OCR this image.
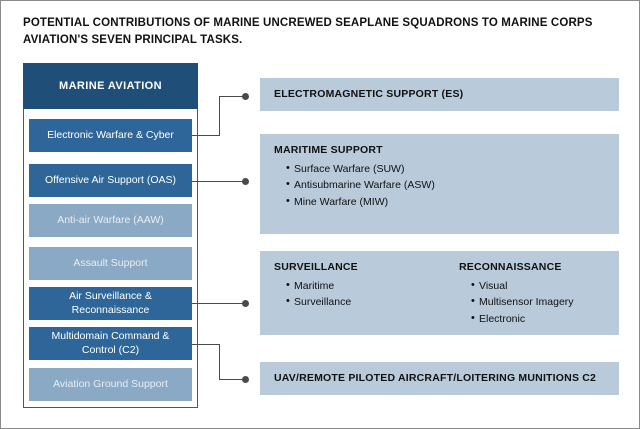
POTENTIAL CONTRIBUTIONS OF MARINE UNCREWED SEAPLANE SQUADRONS TO MARINE CORPS AVIATION'S SEVEN PRINCIPAL TASKS.
MARINE AVIATION
Electronic Warfare & Cyber
Offensive Air Support (OAS)
Anti-air Warfare (AAW)
Assault Support
Air Surveillance & Reconnaissance
Multidomain Command & Control (C2)
Aviation Ground Support
ELECTROMAGNETIC SUPPORT (ES)
MARITIME SUPPORT
• Surface Warfare (SUW)
• Antisubmarine Warfare (ASW)
• Mine Warfare (MIW)
SURVEILLANCE
• Maritime
• Surveillance
RECONNAISSANCE
• Visual
• Multisensor Imagery
• Electronic
UAV/REMOTE PILOTED AIRCRAFT/LOITERING MUNITIONS C2
